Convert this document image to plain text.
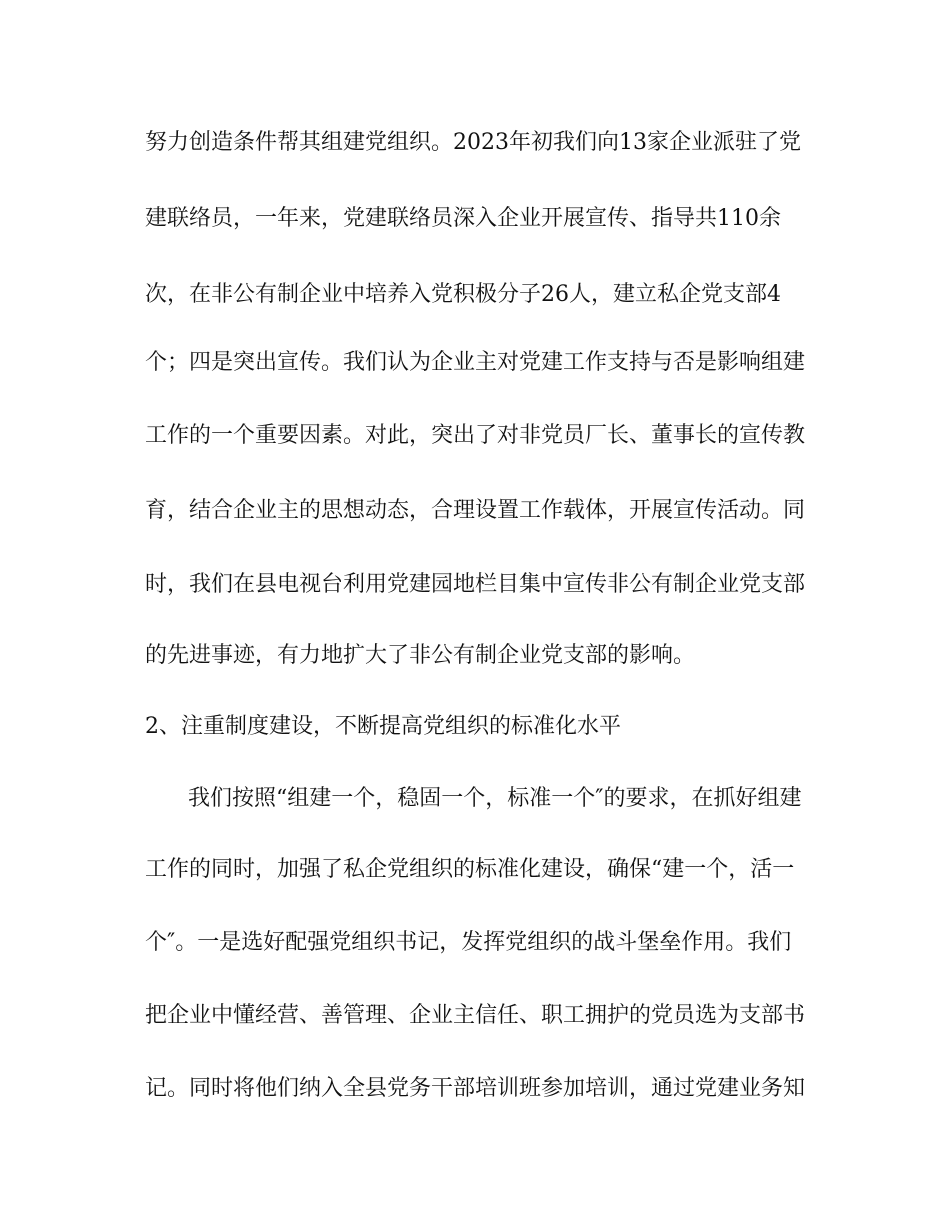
努力创造条件帮其组建党组织。2023年初我们向13家企业派驻了党
建联络员，一年来，党建联络员深入企业开展宣传、指导共110余
次，在非公有制企业中培养入党积极分子26人，建立私企党支部4
个；四是突出宣传。我们认为企业主对党建工作支持与否是影响组建
工作的一个重要因素。对此，突出了对非党员厂长、董事长的宣传教
育，结合企业主的思想动态，合理设置工作载体，开展宣传活动。同
时，我们在县电视台利用党建园地栏目集中宣传非公有制企业党支部
的先进事迹，有力地扩大了非公有制企业党支部的影响。
2、注重制度建设，不断提高党组织的标准化水平
我们按照“组建一个，稳固一个，标准一个″的要求，在抓好组建
工作的同时，加强了私企党组织的标准化建设，确保“建一个，活一
个″。一是选好配强党组织书记，发挥党组织的战斗堡垒作用。我们
把企业中懂经营、善管理、企业主信任、职工拥护的党员选为支部书
记。同时将他们纳入全县党务干部培训班参加培训，通过党建业务知
